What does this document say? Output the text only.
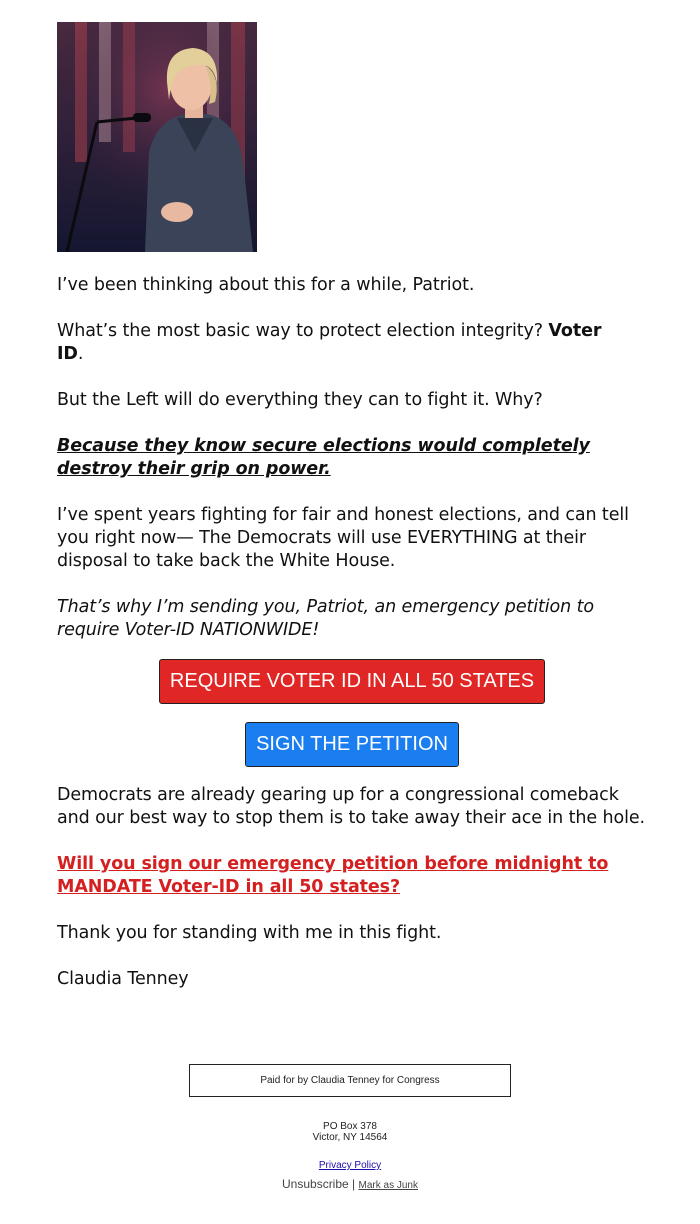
I’ve been thinking about this for a while, Patriot.

What’s the most basic way to protect election integrity? Voter
ID.

But the Left will do everything they can to fight it. Why?

Because they know secure elections would completely
destroy their grip on power.

I’ve spent years fighting for fair and honest elections, and can tell you right now— The Democrats will use EVERYTHING at their disposal to take back the White House.

That’s why I’m sending you, Patriot, an emergency petition to
require Voter-ID NATIONWIDE!

REQUIRE VOTER ID IN ALL 50 STATES
SIGN THE PETITION

Democrats are already gearing up for a congressional comeback and our best way to stop them is to take away their ace in the hole.

Will you sign our emergency petition before midnight to
MANDATE Voter-ID in all 50 states?

Thank you for standing with me in this fight.

Claudia Tenney

Paid for by Claudia Tenney for Congress
PO Box 378
Victor, NY 14564
Privacy Policy
Unsubscribe | Mark as Junk
